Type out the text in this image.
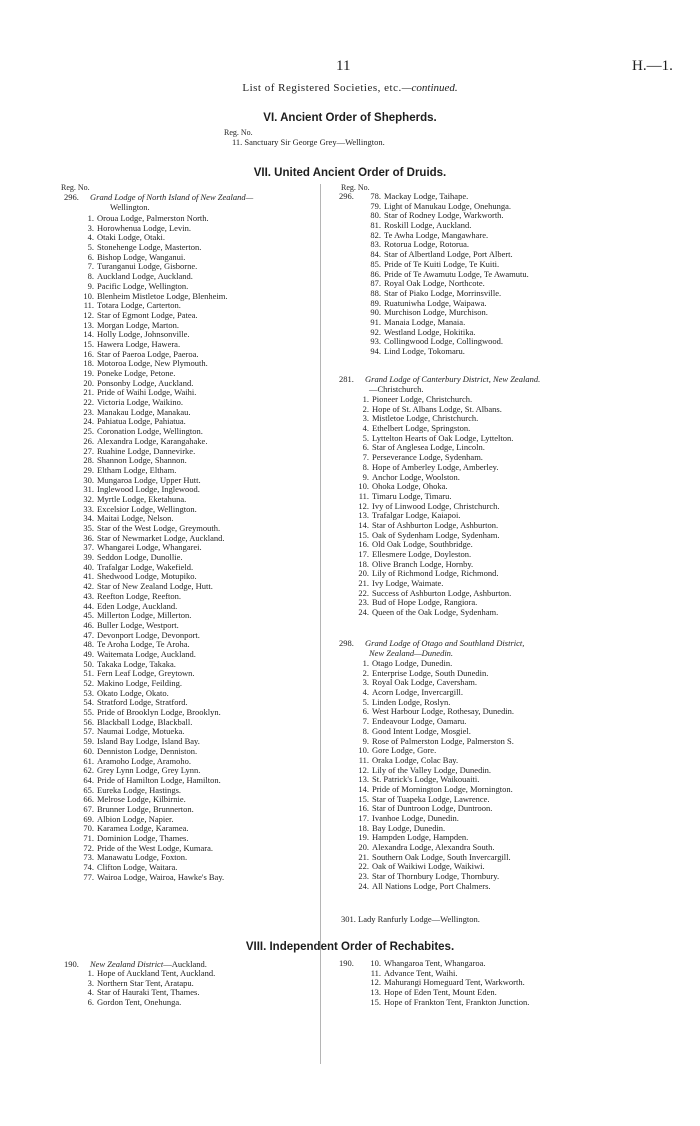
11	H.—1.
List of Registered Societies, etc.—continued.
VI. Ancient Order of Shepherds.
Reg. No.
11. Sanctuary Sir George Grey—Wellington.
VII. United Ancient Order of Druids.
Reg. No.	Reg. No.
296. Grand Lodge of North Island of New Zealand—
Wellington.
1. Oroua Lodge, Palmerston North.
3. Horowhenua Lodge, Levin.
4. Otaki Lodge, Otaki.
5. Stonehenge Lodge, Masterton.
6. Bishop Lodge, Wanganui.
7. Turanganui Lodge, Gisborne.
8. Auckland Lodge, Auckland.
9. Pacific Lodge, Wellington.
10. Blenheim Mistletoe Lodge, Blenheim.
11. Totara Lodge, Carterton.
12. Star of Egmont Lodge, Patea.
13. Morgan Lodge, Marton.
14. Holly Lodge, Johnsonville.
15. Hawera Lodge, Hawera.
16. Star of Paeroa Lodge, Paeroa.
18. Motoroa Lodge, New Plymouth.
19. Poneke Lodge, Petone.
20. Ponsonby Lodge, Auckland.
21. Pride of Waihi Lodge, Waihi.
22. Victoria Lodge, Waikino.
23. Manakau Lodge, Manakau.
24. Pahiatua Lodge, Pahiatua.
25. Coronation Lodge, Wellington.
26. Alexandra Lodge, Karangahake.
27. Ruahine Lodge, Dannevirke.
28. Shannon Lodge, Shannon.
29. Eltham Lodge, Eltham.
30. Mungaroa Lodge, Upper Hutt.
31. Inglewood Lodge, Inglewood.
32. Myrtle Lodge, Eketahuna.
33. Excelsior Lodge, Wellington.
34. Maitai Lodge, Nelson.
35. Star of the West Lodge, Greymouth.
36. Star of Newmarket Lodge, Auckland.
37. Whangarei Lodge, Whangarei.
39. Seddon Lodge, Dunollie.
40. Trafalgar Lodge, Wakefield.
41. Shedwood Lodge, Motupiko.
42. Star of New Zealand Lodge, Hutt.
43. Reefton Lodge, Reefton.
44. Eden Lodge, Auckland.
45. Millerton Lodge, Millerton.
46. Buller Lodge, Westport.
47. Devonport Lodge, Devonport.
48. Te Aroha Lodge, Te Aroha.
49. Waitemata Lodge, Auckland.
50. Takaka Lodge, Takaka.
51. Fern Leaf Lodge, Greytown.
52. Makino Lodge, Feilding.
53. Okato Lodge, Okato.
54. Stratford Lodge, Stratford.
55. Pride of Brooklyn Lodge, Brooklyn.
56. Blackball Lodge, Blackball.
57. Naumai Lodge, Motueka.
59. Island Bay Lodge, Island Bay.
60. Denniston Lodge, Denniston.
61. Aramoho Lodge, Aramoho.
62. Grey Lynn Lodge, Grey Lynn.
64. Pride of Hamilton Lodge, Hamilton.
65. Eureka Lodge, Hastings.
66. Melrose Lodge, Kilbirnie.
67. Brunner Lodge, Brunnerton.
69. Albion Lodge, Napier.
70. Karamea Lodge, Karamea.
71. Dominion Lodge, Thames.
72. Pride of the West Lodge, Kumara.
73. Manawatu Lodge, Foxton.
74. Clifton Lodge, Waitara.
77. Wairoa Lodge, Wairoa, Hawke's Bay.
296. 78. Mackay Lodge, Taihape.
79. Light of Manukau Lodge, Onehunga.
80. Star of Rodney Lodge, Warkworth.
81. Roskill Lodge, Auckland.
82. Te Awha Lodge, Mangawhare.
83. Rotorua Lodge, Rotorua.
84. Star of Albertland Lodge, Port Albert.
85. Pride of Te Kuiti Lodge, Te Kuiti.
86. Pride of Te Awamutu Lodge, Te Awamutu.
87. Royal Oak Lodge, Northcote.
88. Star of Piako Lodge, Morrinsville.
89. Ruatuniwha Lodge, Waipawa.
90. Murchison Lodge, Murchison.
91. Manaia Lodge, Manaia.
92. Westland Lodge, Hokitika.
93. Collingwood Lodge, Collingwood.
94. Lind Lodge, Tokomaru.
281. Grand Lodge of Canterbury District, New Zealand.
—Christchurch.
1. Pioneer Lodge, Christchurch.
2. Hope of St. Albans Lodge, St. Albans.
3. Mistletoe Lodge, Christchurch.
4. Ethelbert Lodge, Springston.
5. Lyttelton Hearts of Oak Lodge, Lyttelton.
6. Star of Anglesea Lodge, Lincoln.
7. Perseverance Lodge, Sydenham.
8. Hope of Amberley Lodge, Amberley.
9. Anchor Lodge, Woolston.
10. Ohoka Lodge, Ohoka.
11. Timaru Lodge, Timaru.
12. Ivy of Linwood Lodge, Christchurch.
13. Trafalgar Lodge, Kaiapoi.
14. Star of Ashburton Lodge, Ashburton.
15. Oak of Sydenham Lodge, Sydenham.
16. Old Oak Lodge, Southbridge.
17. Ellesmere Lodge, Doyleston.
18. Olive Branch Lodge, Hornby.
20. Lily of Richmond Lodge, Richmond.
21. Ivy Lodge, Waimate.
22. Success of Ashburton Lodge, Ashburton.
23. Bud of Hope Lodge, Rangiora.
24. Queen of the Oak Lodge, Sydenham.
298. Grand Lodge of Otago and Southland District,
New Zealand—Dunedin.
1. Otago Lodge, Dunedin.
2. Enterprise Lodge, South Dunedin.
3. Royal Oak Lodge, Caversham.
4. Acorn Lodge, Invercargill.
5. Linden Lodge, Roslyn.
6. West Harbour Lodge, Rothesay, Dunedin.
7. Endeavour Lodge, Oamaru.
8. Good Intent Lodge, Mosgiel.
9. Rose of Palmerston Lodge, Palmerston S.
10. Gore Lodge, Gore.
11. Oraka Lodge, Colac Bay.
12. Lily of the Valley Lodge, Dunedin.
13. St. Patrick's Lodge, Waikouaiti.
14. Pride of Mornington Lodge, Mornington.
15. Star of Tuapeka Lodge, Lawrence.
16. Star of Duntroon Lodge, Duntroon.
17. Ivanhoe Lodge, Dunedin.
18. Bay Lodge, Dunedin.
19. Hampden Lodge, Hampden.
20. Alexandra Lodge, Alexandra South.
21. Southern Oak Lodge, South Invercargill.
22. Oak of Waikiwi Lodge, Waikiwi.
23. Star of Thornbury Lodge, Thornbury.
24. All Nations Lodge, Port Chalmers.
301. Lady Ranfurly Lodge—Wellington.
VIII. Independent Order of Rechabites.
190. New Zealand District—Auckland.
1. Hope of Auckland Tent, Auckland.
3. Northern Star Tent, Aratapu.
4. Star of Hauraki Tent, Thames.
6. Gordon Tent, Onehunga.
190. 10. Whangaroa Tent, Whangaroa.
11. Advance Tent, Waihi.
12. Mahurangi Homeguard Tent, Warkworth.
13. Hope of Eden Tent, Mount Eden.
15. Hope of Frankton Tent, Frankton Junction.
